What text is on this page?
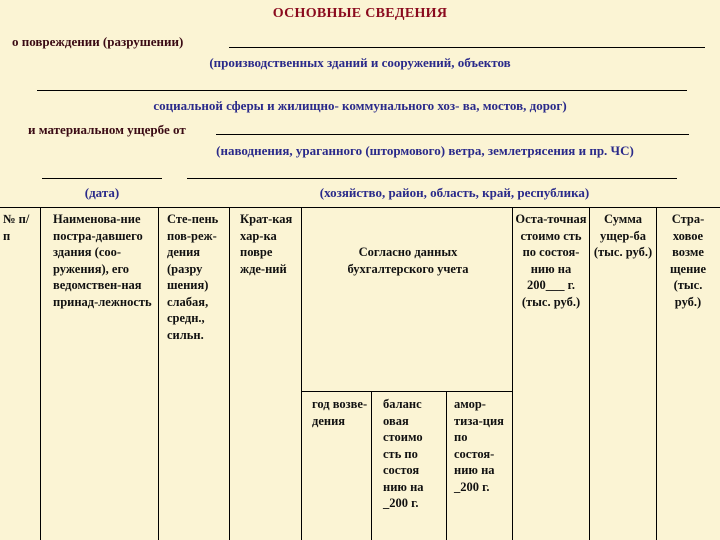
ОСНОВНЫЕ СВЕДЕНИЯ
о повреждении (разрушении)
(производственных зданий и сооружений, объектов
социальной сферы и жилищно- коммунального хоз- ва, мостов, дорог)
и материальном ущербе от
(наводнения, ураганного (штормового) ветра, землетрясения и пр. ЧС)
(дата)	(хозяйство, район, область, край, республика)
№ п/ п
Наименова-ние постра-давшего здания (соо-ружения), его ведомствен-ная принад-лежность
Сте-пень пов-реж-дения (разру шения) слабая, средн., сильн.
Крат-кая хар-ка повре жде-ний
Согласно данных бухгалтерского учета
Оста-точная стоимо сть по состоя-нию на 200___ г. (тыс. руб.)
Сумма ущер-ба (тыс. руб.)
Стра-ховое возме щение (тыс. руб.)
год возве-дения
баланс овая стоимо сть по состоя нию на _200 г.
амор-тиза-ция по состоя-нию на _200 г.
